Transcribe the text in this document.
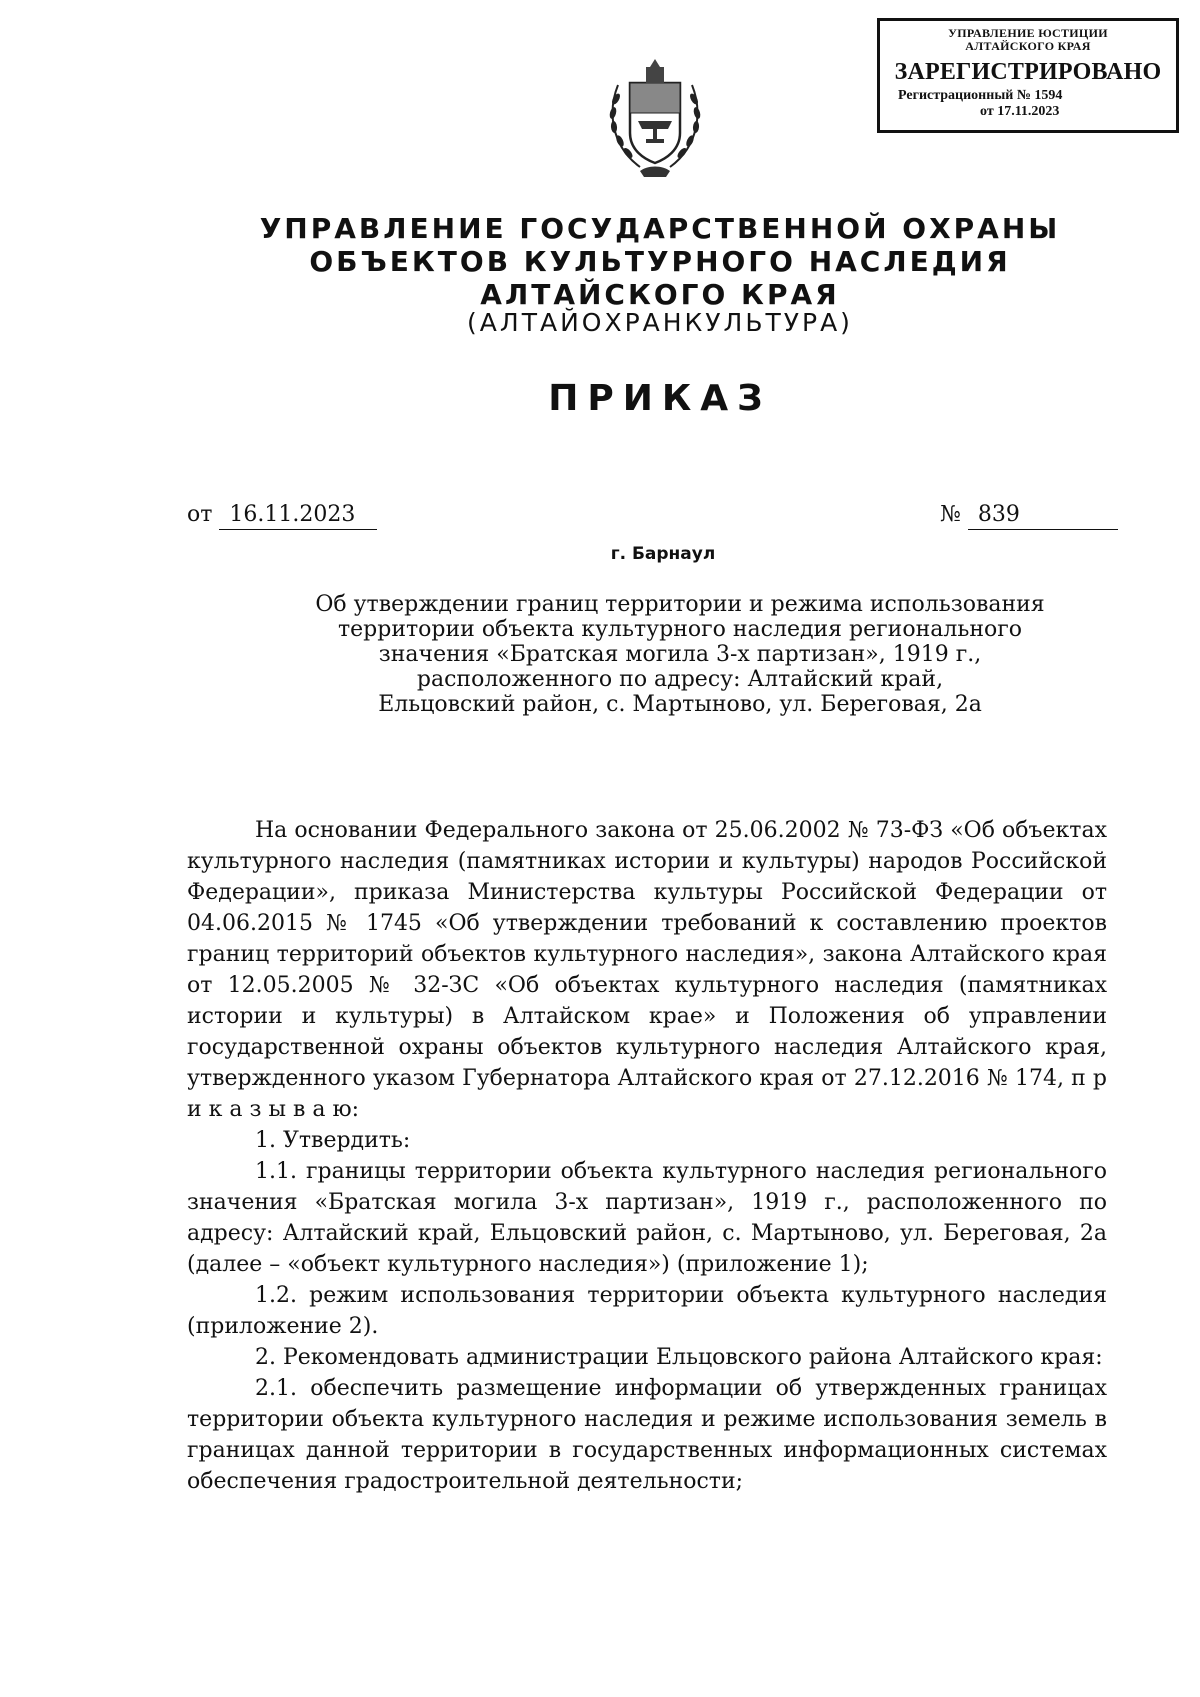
УПРАВЛЕНИЕ ЮСТИЦИИ
АЛТАЙСКОГО КРАЯ
ЗАРЕГИСТРИРОВАНО
Регистрационный № 1594
от 17.11.2023
УПРАВЛЕНИЕ ГОСУДАРСТВЕННОЙ ОХРАНЫ
ОБЪЕКТОВ КУЛЬТУРНОГО НАСЛЕДИЯ
АЛТАЙСКОГО КРАЯ
(АЛТАЙОХРАНКУЛЬТУРА)
ПРИКАЗ
от 16.11.2023	№ 839
г. Барнаул
Об утверждении границ территории и режима использования
территории объекта культурного наследия регионального
значения «Братская могила 3-х партизан», 1919 г.,
расположенного по адресу: Алтайский край,
Ельцовский район, с. Мартыново, ул. Береговая, 2а

На основании Федерального закона от 25.06.2002 № 73-ФЗ «Об объектах культурного наследия (памятниках истории и культуры) народов Российской Федерации», приказа Министерства культуры Российской Федерации от 04.06.2015 № 1745 «Об утверждении требований к составлению проектов границ территорий объектов культурного наследия», закона Алтайского края от 12.05.2005 № 32-ЗС «Об объектах культурного наследия (памятниках истории и культуры) в Алтайском крае» и Положения об управлении государственной охраны объектов культурного наследия Алтайского края, утвержденного указом Губернатора Алтайского края от 27.12.2016 № 174, п р и к а з ы в а ю:

1. Утвердить:

1.1. границы территории объекта культурного наследия регионального значения «Братская могила 3-х партизан», 1919 г., расположенного по адресу: Алтайский край, Ельцовский район, с. Мартыново, ул. Береговая, 2а (далее – «объект культурного наследия») (приложение 1);

1.2. режим использования территории объекта культурного наследия (приложение 2).

2. Рекомендовать администрации Ельцовского района Алтайского края:

2.1. обеспечить размещение информации об утвержденных границах территории объекта культурного наследия и режиме использования земель в границах данной территории в государственных информационных системах обеспечения градостроительной деятельности;
